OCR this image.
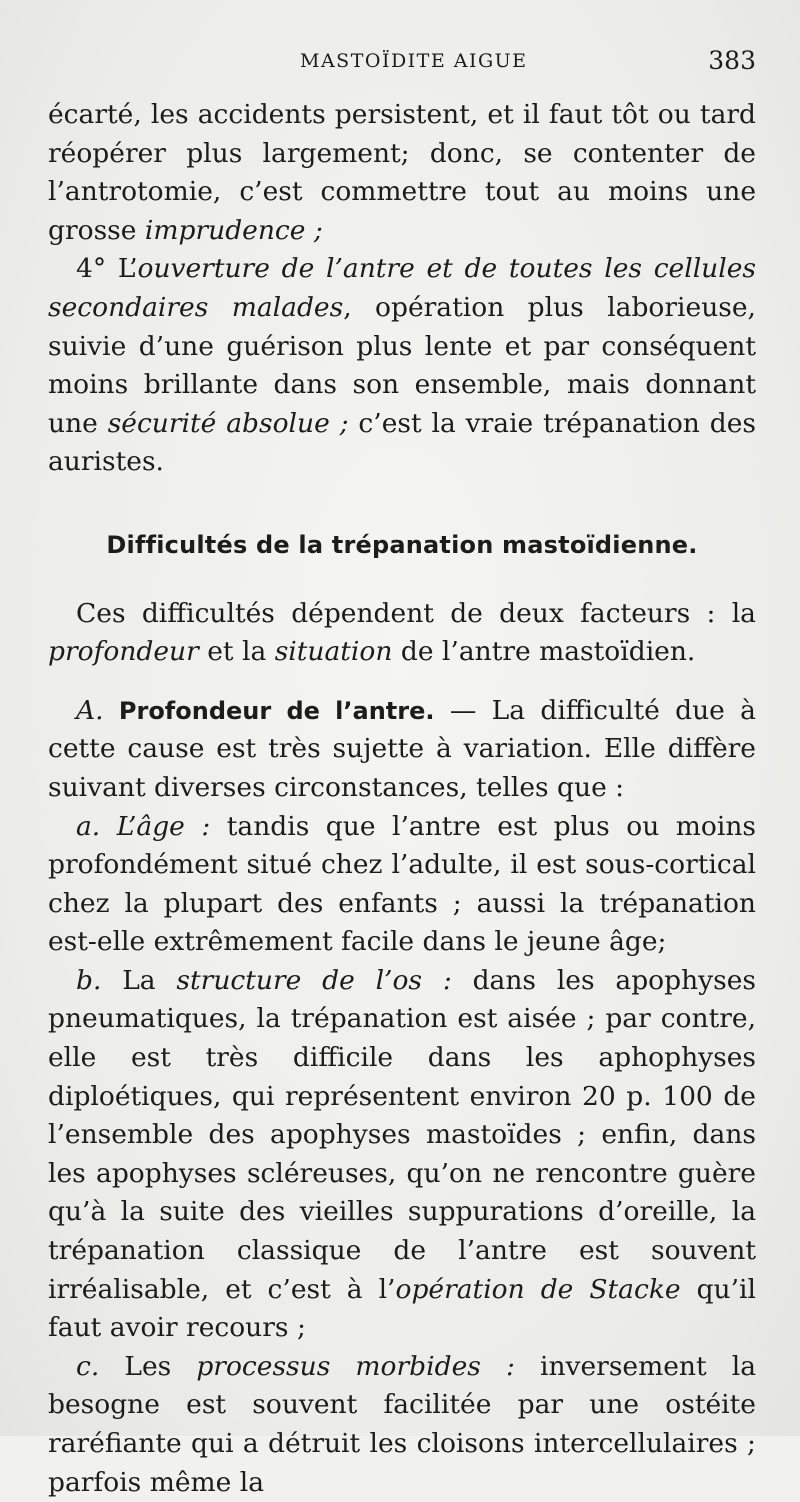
MASTOÏDITE AIGUE	383

écarté, les accidents persistent, et il faut tôt ou tard réopérer plus largement; donc, se contenter de l’antrotomie, c’est commettre tout au moins une grosse imprudence ;

4° L’ouverture de l’antre et de toutes les cellules secondaires malades, opération plus laborieuse, suivie d’une guérison plus lente et par conséquent moins brillante dans son ensemble, mais donnant une sécurité absolue ; c’est la vraie trépanation des auristes.

Difficultés de la trépanation mastoïdienne.

Ces difficultés dépendent de deux facteurs : la profondeur et la situation de l’antre mastoïdien.

A. Profondeur de l’antre. — La difficulté due à cette cause est très sujette à variation. Elle diffère suivant diverses circonstances, telles que :

a. L’âge : tandis que l’antre est plus ou moins profondément situé chez l’adulte, il est sous-cortical chez la plupart des enfants ; aussi la trépanation est-elle extrêmement facile dans le jeune âge;

b. La structure de l’os : dans les apophyses pneumatiques, la trépanation est aisée ; par contre, elle est très difficile dans les aphophyses diploétiques, qui représentent environ 20 p. 100 de l’ensemble des apophyses mastoïdes ; enfin, dans les apophyses scléreuses, qu’on ne rencontre guère qu’à la suite des vieilles suppurations d’oreille, la trépanation classique de l’antre est souvent irréalisable, et c’est à l’opération de Stacke qu’il faut avoir recours ;

c. Les processus morbides : inversement la besogne est souvent facilitée par une ostéite raréfiante qui a détruit les cloisons intercellulaires ; parfois même la
